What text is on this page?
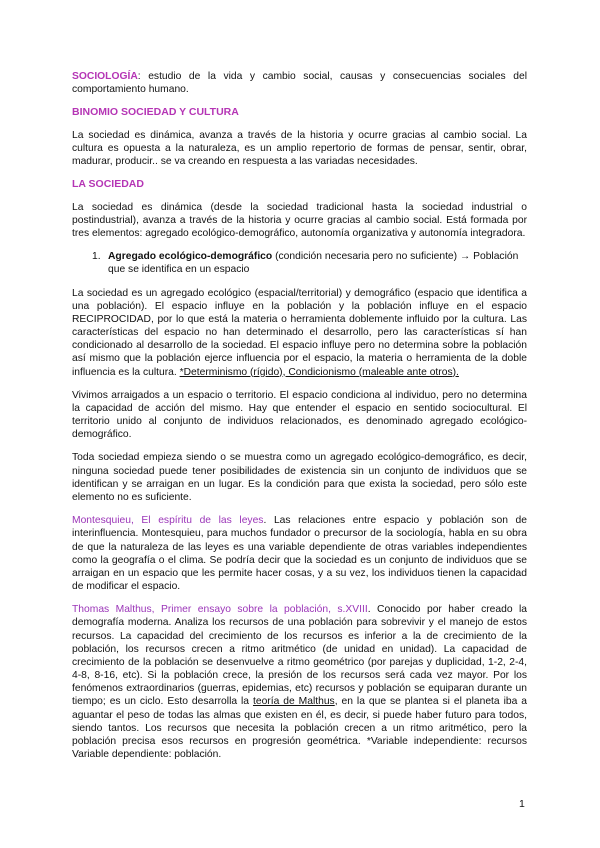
SOCIOLOGÍA: estudio de la vida y cambio social, causas y consecuencias sociales del comportamiento humano.

BINOMIO SOCIEDAD Y CULTURA

La sociedad es dinámica, avanza a través de la historia y ocurre gracias al cambio social. La cultura es opuesta a la naturaleza, es un amplio repertorio de formas de pensar, sentir, obrar, madurar, producir.. se va creando en respuesta a las variadas necesidades.

LA SOCIEDAD

La sociedad es dinámica (desde la sociedad tradicional hasta la sociedad industrial o postindustrial), avanza a través de la historia y ocurre gracias al cambio social. Está formada por tres elementos: agregado ecológico-demográfico, autonomía organizativa y autonomía integradora.

1. Agregado ecológico-demográfico (condición necesaria pero no suficiente) → Población que se identifica en un espacio

La sociedad es un agregado ecológico (espacial/territorial) y demográfico (espacio que identifica a una población). El espacio influye en la población y la población influye en el espacio RECIPROCIDAD, por lo que está la materia o herramienta doblemente influido por la cultura. Las características del espacio no han determinado el desarrollo, pero las características sí han condicionado al desarrollo de la sociedad. El espacio influye pero no determina sobre la población así mismo que la población ejerce influencia por el espacio, la materia o herramienta de la doble influencia es la cultura. *Determinismo (rígido), Condicionismo (maleable ante otros).

Vivimos arraigados a un espacio o territorio. El espacio condiciona al individuo, pero no determina la capacidad de acción del mismo. Hay que entender el espacio en sentido sociocultural. El territorio unido al conjunto de individuos relacionados, es denominado agregado ecológico-demográfico.

Toda sociedad empieza siendo o se muestra como un agregado ecológico-demográfico, es decir, ninguna sociedad puede tener posibilidades de existencia sin un conjunto de individuos que se identifican y se arraigan en un lugar. Es la condición para que exista la sociedad, pero sólo este elemento no es suficiente.

Montesquieu, El espíritu de las leyes. Las relaciones entre espacio y población son de interinfluencia. Montesquieu, para muchos fundador o precursor de la sociología, habla en su obra de que la naturaleza de las leyes es una variable dependiente de otras variables independientes como la geografía o el clima. Se podría decir que la sociedad es un conjunto de individuos que se arraigan en un espacio que les permite hacer cosas, y a su vez, los individuos tienen la capacidad de modificar el espacio.

Thomas Malthus, Primer ensayo sobre la población, s.XVIII. Conocido por haber creado la demografía moderna. Analiza los recursos de una población para sobrevivir y el manejo de estos recursos. La capacidad del crecimiento de los recursos es inferior a la de crecimiento de la población, los recursos crecen a ritmo aritmético (de unidad en unidad). La capacidad de crecimiento de la población se desenvuelve a ritmo geométrico (por parejas y duplicidad, 1-2, 2-4, 4-8, 8-16, etc). Si la población crece, la presión de los recursos será cada vez mayor. Por los fenómenos extraordinarios (guerras, epidemias, etc) recursos y población se equiparan durante un tiempo; es un ciclo. Esto desarrolla la teoría de Malthus, en la que se plantea si el planeta iba a aguantar el peso de todas las almas que existen en él, es decir, si puede haber futuro para todos, siendo tantos. Los recursos que necesita la población crecen a un ritmo aritmético, pero la población precisa esos recursos en progresión geométrica. *Variable independiente: recursos Variable dependiente: población.

1
